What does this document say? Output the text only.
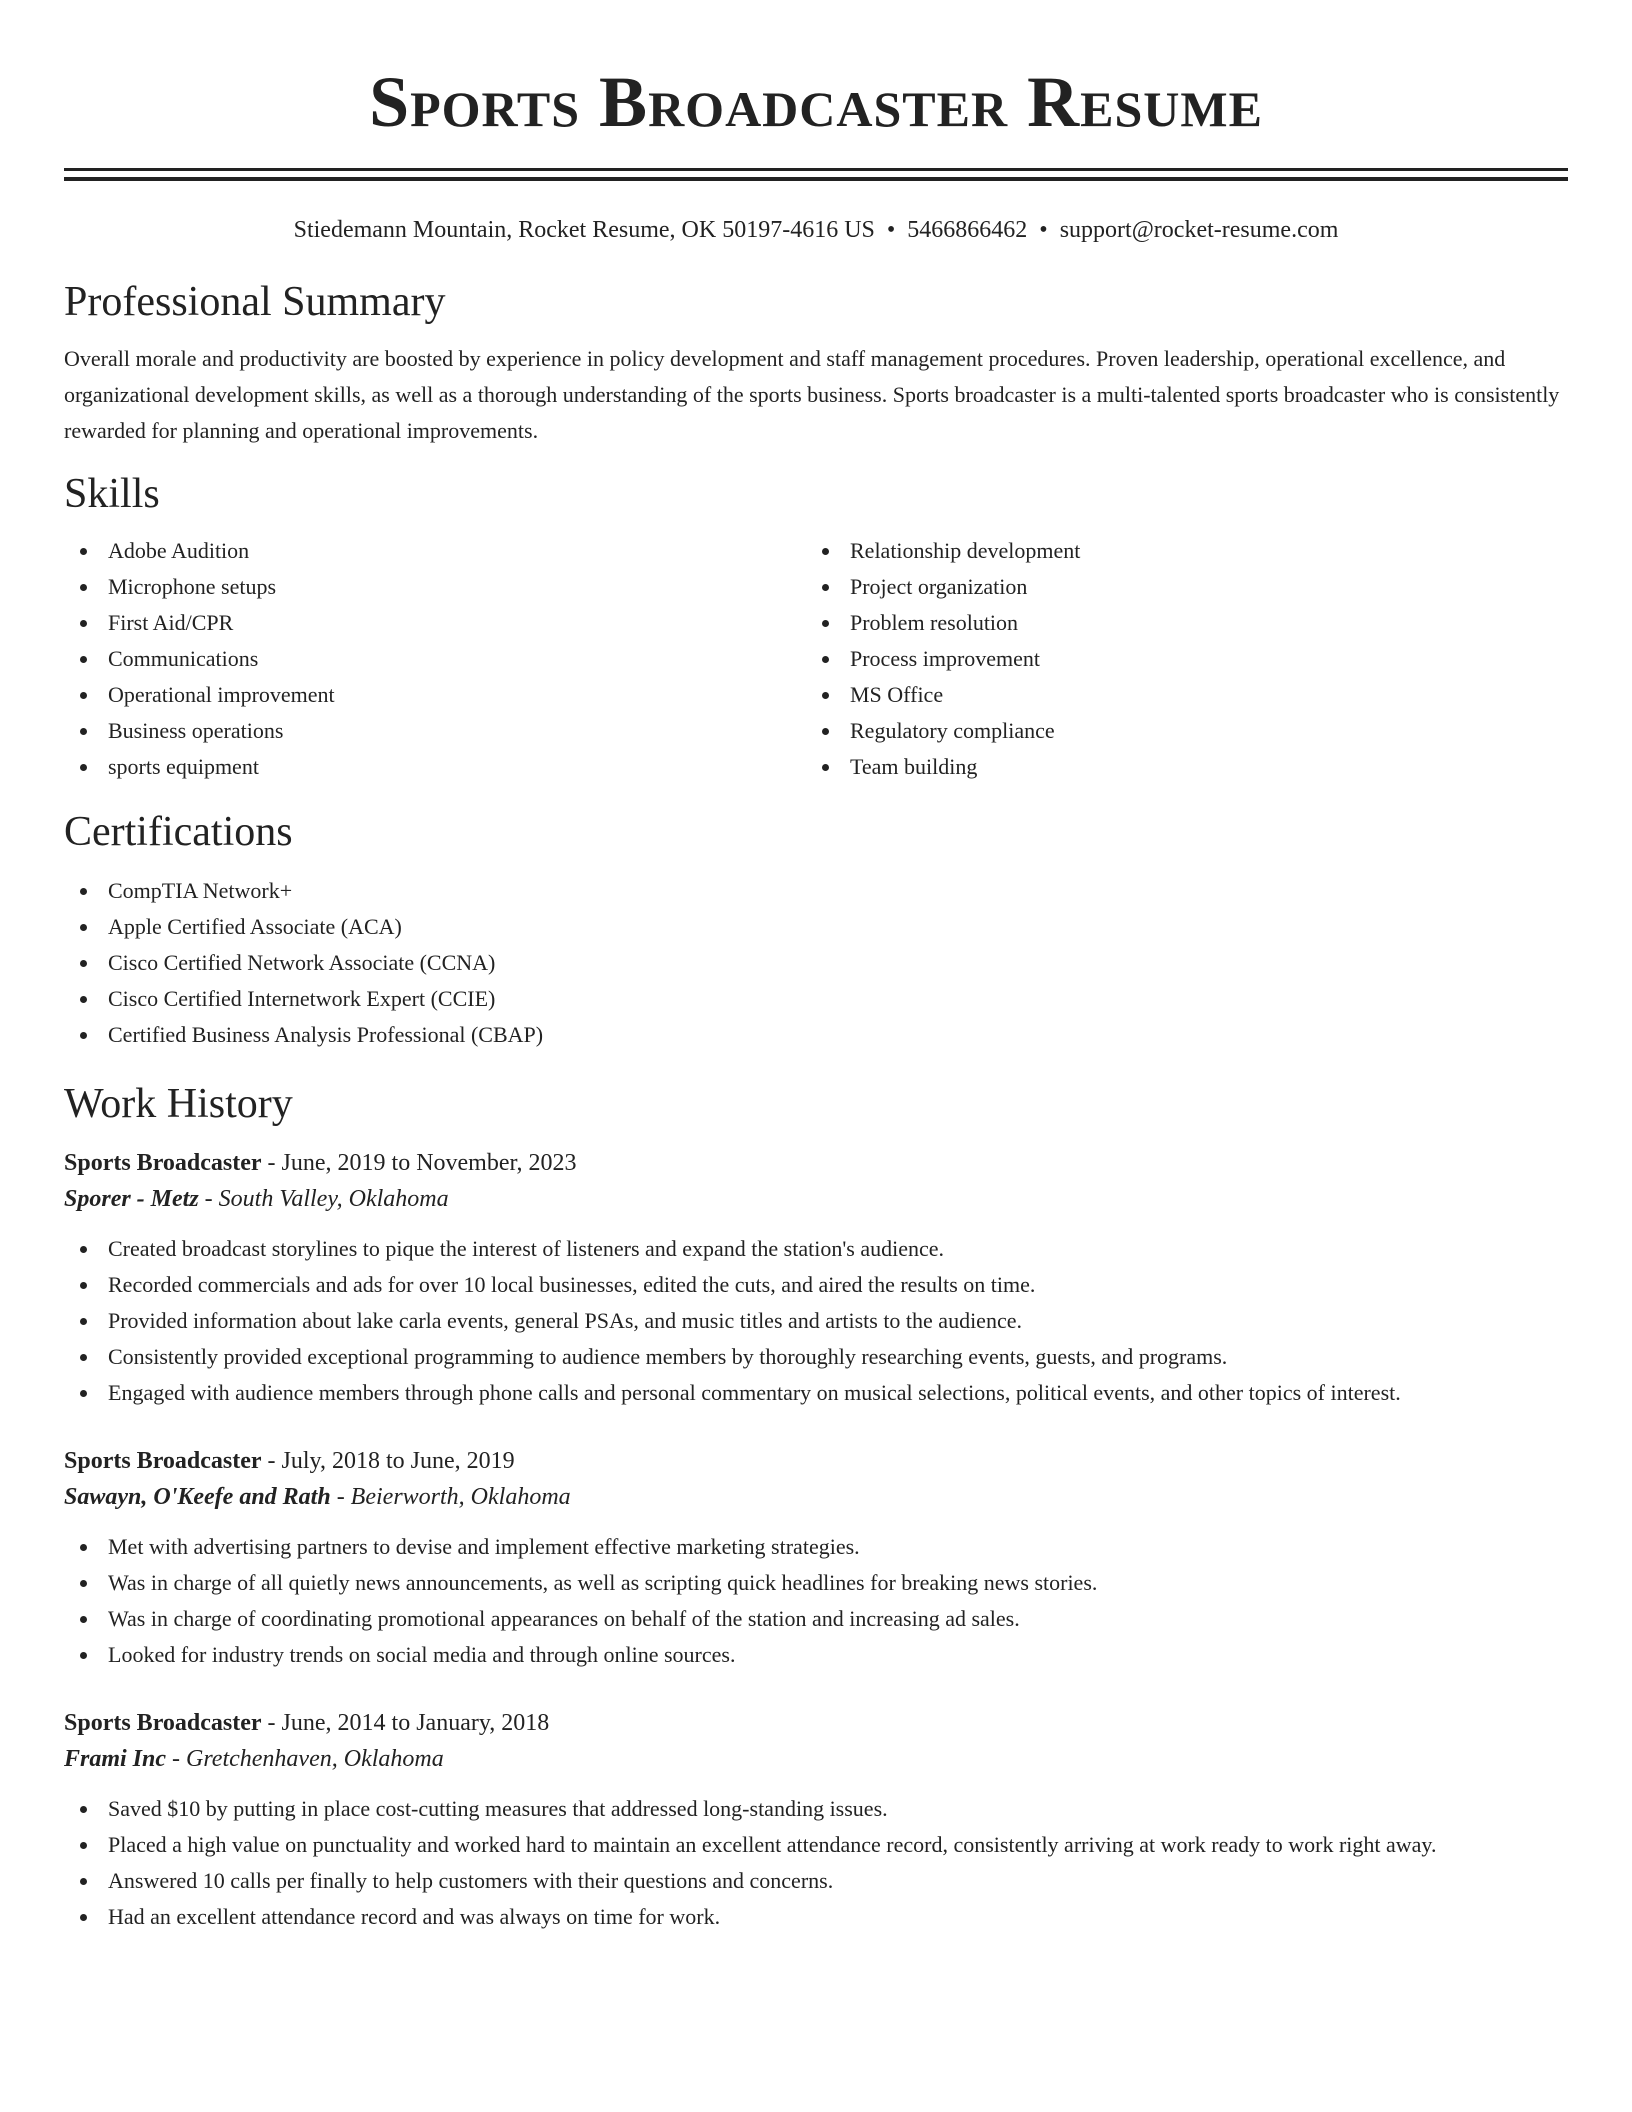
Sports Broadcaster Resume
Stiedemann Mountain, Rocket Resume, OK 50197-4616 US • 5466866462 • support@rocket-resume.com
Professional Summary

Overall morale and productivity are boosted by experience in policy development and staff management procedures. Proven leadership, operational excellence, and organizational development skills, as well as a thorough understanding of the sports business. Sports broadcaster is a multi-talented sports broadcaster who is consistently rewarded for planning and operational improvements.

Skills
Adobe Audition
Microphone setups
First Aid/CPR
Communications
Operational improvement
Business operations
sports equipment
Relationship development
Project organization
Problem resolution
Process improvement
MS Office
Regulatory compliance
Team building
Certifications
CompTIA Network+
Apple Certified Associate (ACA)
Cisco Certified Network Associate (CCNA)
Cisco Certified Internetwork Expert (CCIE)
Certified Business Analysis Professional (CBAP)
Work History
Sports Broadcaster - June, 2019 to November, 2023
Sporer - Metz - South Valley, Oklahoma
Created broadcast storylines to pique the interest of listeners and expand the station's audience.
Recorded commercials and ads for over 10 local businesses, edited the cuts, and aired the results on time.
Provided information about lake carla events, general PSAs, and music titles and artists to the audience.
Consistently provided exceptional programming to audience members by thoroughly researching events, guests, and programs.
Engaged with audience members through phone calls and personal commentary on musical selections, political events, and other topics of interest.
Sports Broadcaster - July, 2018 to June, 2019
Sawayn, O'Keefe and Rath - Beierworth, Oklahoma
Met with advertising partners to devise and implement effective marketing strategies.
Was in charge of all quietly news announcements, as well as scripting quick headlines for breaking news stories.
Was in charge of coordinating promotional appearances on behalf of the station and increasing ad sales.
Looked for industry trends on social media and through online sources.
Sports Broadcaster - June, 2014 to January, 2018
Frami Inc - Gretchenhaven, Oklahoma
Saved $10 by putting in place cost-cutting measures that addressed long-standing issues.
Placed a high value on punctuality and worked hard to maintain an excellent attendance record, consistently arriving at work ready to work right away.
Answered 10 calls per finally to help customers with their questions and concerns.
Had an excellent attendance record and was always on time for work.
